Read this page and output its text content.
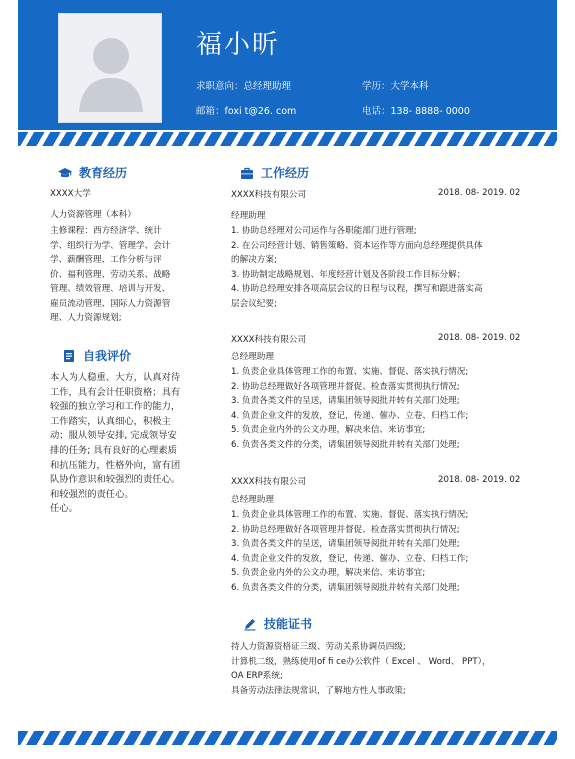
福小昕
求职意向：总经理助理	学历：大学本科
邮箱：foxi t@26. com	电话：138- 8888- 0000
教育经历
XXXX大学
人力资源管理（本科）
主修课程：西方经济学、统计
学、组织行为学、管理学、会计
学、薪酬管理、工作分析与评
价、福利管理、劳动关系、战略
管理、绩效管理、培训与开发、
雇员流动管理、国际人力资源管
理、人力资源规划;
自我评价
本人为人稳重、大方，认真对待
工作，具有会计任职资格；具有
较强的独立学习和工作的能力，
工作踏实，认真细心，积极主
动；服从领导安排, 完成领导安
排的任务; 具有良好的心理素质
和抗压能力，性格外向，富有团
队协作意识和较强烈的责任心。
和较强烈的责任心。
任心。
工作经历
XXXX科技有限公司	2018. 08- 2019. 02
经理助理
1. 协助总经理对公司运作与各职能部门进行管理;
2. 在公司经营计划、销售策略、资本运作等方面向总经理提供具体
的解决方案;
3. 协助制定战略规划、年度经营计划及各阶段工作目标分解；
4. 协助总经理安排各项高层会议的日程与议程，撰写和跟进落实高
层会议纪要;
XXXX科技有限公司	2018. 08- 2019. 02
总经理助理
1. 负责企业具体管理工作的布置、实施、督促、落实执行情况;
2. 协助总经理做好各项管理并督促、检查落实贯彻执行情况;
3. 负责各类文件的呈送，请集团领导阅批并转有关部门处理;
4. 负责企业文件的发放，登记，传递、催办、立卷、归档工作;
5. 负责企业内外的公文办理，解决来信、来访事宜;
6. 负责各类文件的分类，请集团领导阅批并转有关部门处理;
XXXX科技有限公司	2018. 08- 2019. 02
总经理助理
1. 负责企业具体管理工作的布置、实施、督促、落实执行情况;
2. 协助总经理做好各项管理并督促、检查落实贯彻执行情况;
3. 负责各类文件的呈送，请集团领导阅批并转有关部门处理;
4. 负责企业文件的发放，登记，传递、催办、立卷、归档工作;
5. 负责企业内外的公文办理，解决来信、来访事宜;
6. 负责各类文件的分类，请集团领导阅批并转有关部门处理;
技能证书
持人力资源资格证三级、劳动关系协调员四级;
计算机二级，熟练使用of fi ce办公软件（ Excel 、 Word、 PPT），
OA ERP系统;
具备劳动法律法规常识，了解地方性人事政策;
